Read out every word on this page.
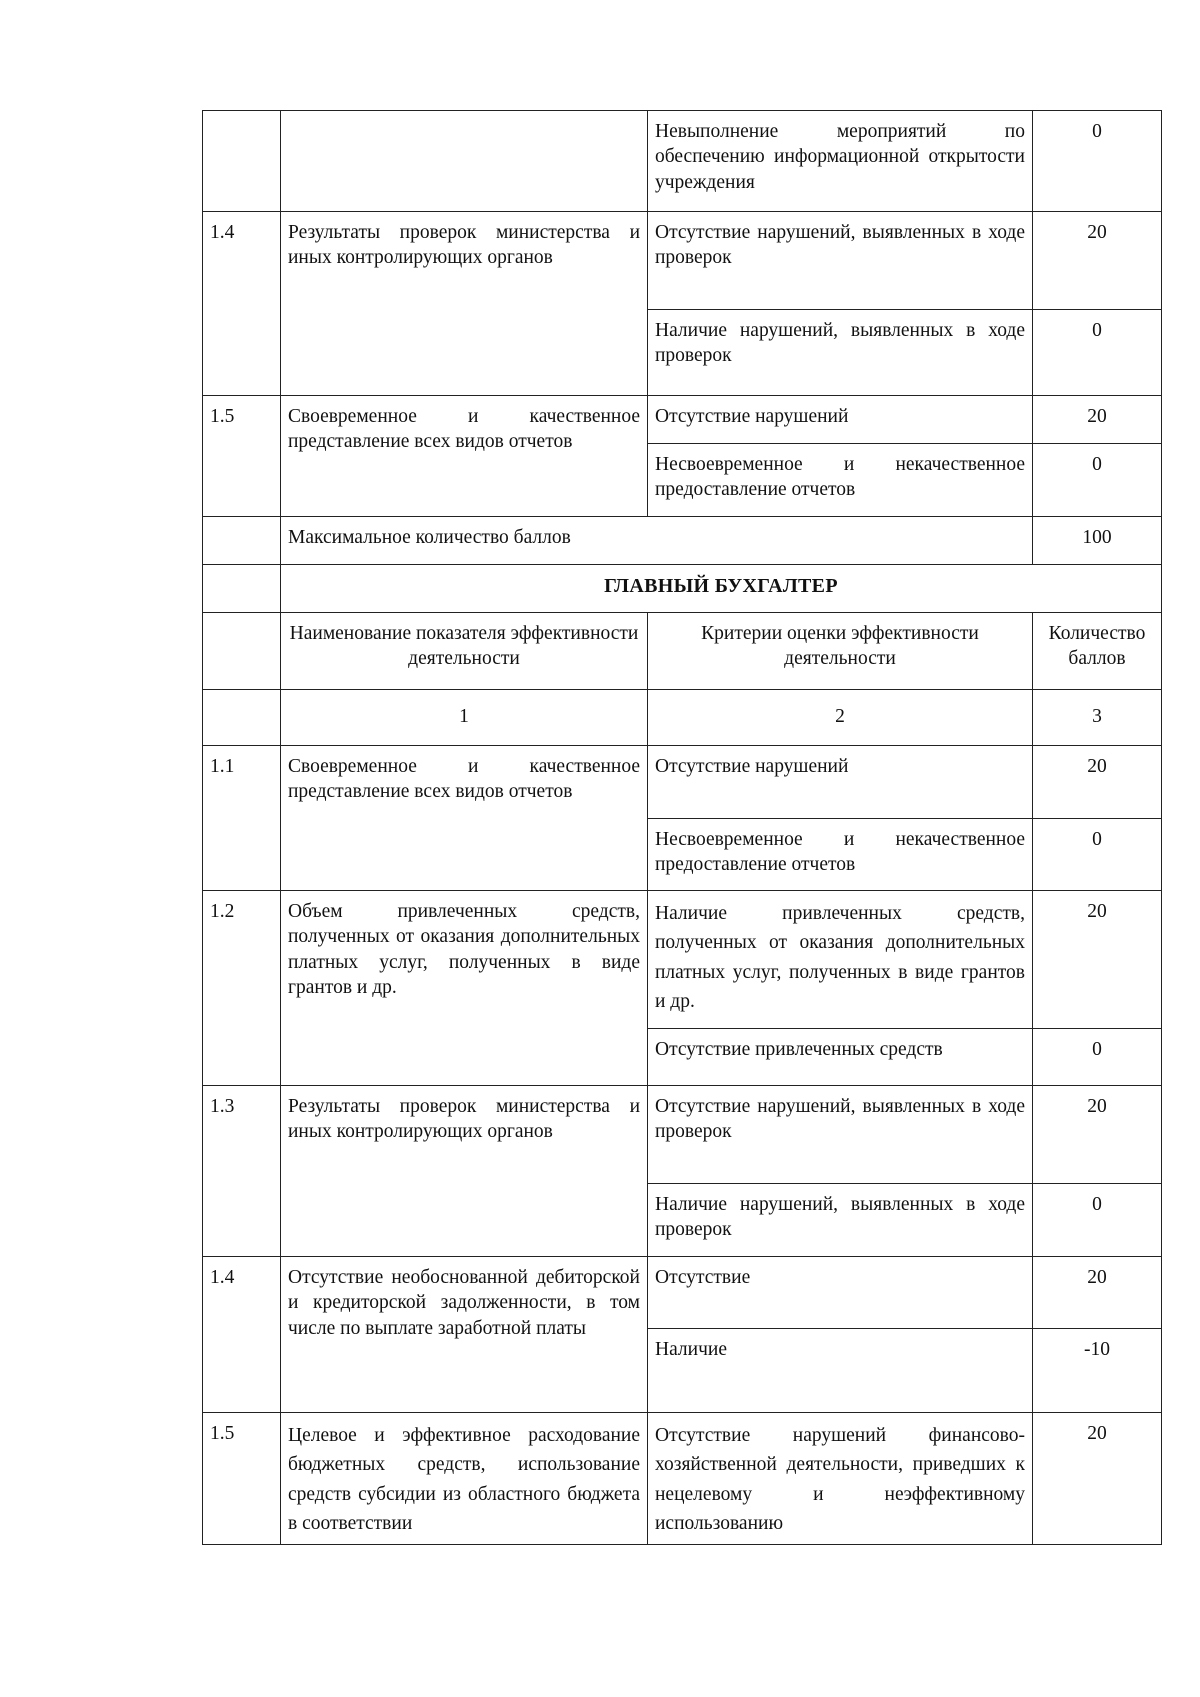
		Невыполнение мероприятий по обеспечению информационной открытости учреждения	0
1.4	Результаты проверок министерства и иных контролирующих органов	Отсутствие нарушений, выявленных в ходе проверок	20
		Наличие нарушений, выявленных в ходе проверок	0
1.5	Своевременное и качественное представление всех видов отчетов	Отсутствие нарушений	20
		Несвоевременное и некачественное предоставление отчетов	0
	Максимальное количество баллов		100
	ГЛАВНЫЙ БУХГАЛТЕР		
	Наименование показателя эффективности деятельности	Критерии оценки эффективности деятельности	Количество баллов
	1	2	3
1.1	Своевременное и качественное представление всех видов отчетов	Отсутствие нарушений	20
		Несвоевременное и некачественное предоставление отчетов	0
1.2	Объем привлеченных средств, полученных от оказания дополнительных платных услуг, полученных в виде грантов и др.	Наличие привлеченных средств, полученных от оказания дополнительных платных услуг, полученных в виде грантов и др.	20
		Отсутствие привлеченных средств	0
1.3	Результаты проверок министерства и иных контролирующих органов	Отсутствие нарушений, выявленных в ходе проверок	20
		Наличие нарушений, выявленных в ходе проверок	0
1.4	Отсутствие необоснованной дебиторской и кредиторской задолженности, в том числе по выплате заработной платы	Отсутствие	20
		Наличие	-10
1.5	Целевое и эффективное расходование бюджетных средств, использование средств субсидии из областного бюджета в соответствии	Отсутствие нарушений финансово-хозяйственной деятельности, приведших к нецелевому и неэффективному использованию	20
